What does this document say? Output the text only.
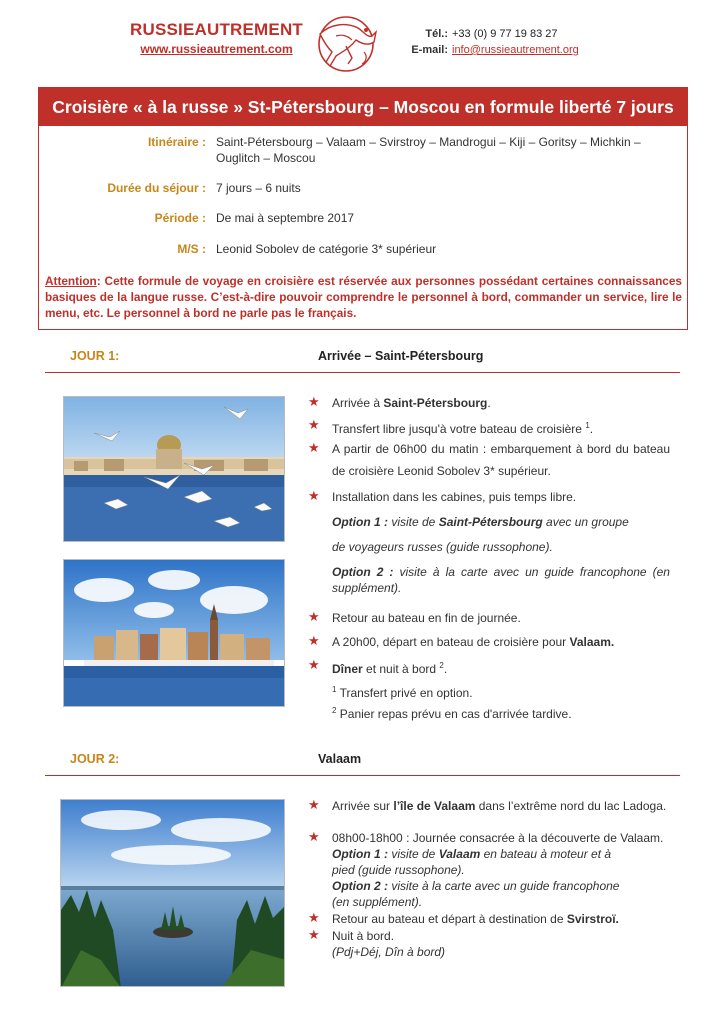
RUSSIEAUTREMENT
www.russieautrement.com
Tél.: +33 (0) 9 77 19 83 27
E-mail: info@russieautrement.org
Croisière « à la russe » St-Pétersbourg – Moscou en formule liberté 7 jours
Itinéraire : Saint-Pétersbourg – Valaam – Svirstroy – Mandrogui – Kiji – Goritsy – Michkin –
Ouglitch – Moscou
Durée du séjour : 7 jours – 6 nuits
Période : De mai à septembre 2017
M/S : Leonid Sobolev de catégorie 3* supérieur
Attention: Cette formule de voyage en croisière est réservée aux personnes possédant certaines connaissances basiques de la langue russe. C’est-à-dire pouvoir comprendre le personnel à bord, commander un service, lire le menu, etc. Le personnel à bord ne parle pas le français.
JOUR 1:	Arrivée – Saint-Pétersbourg
★ Arrivée à Saint-Pétersbourg.
★ Transfert libre jusqu'à votre bateau de croisière $^1$.
★ A partir de 06h00 du matin : embarquement à bord du bateau de croisière Leonid Sobolev 3* supérieur.
★ Installation dans les cabines, puis temps libre.
Option 1 : visite de Saint-Pétersbourg avec un groupe
de voyageurs russes (guide russophone).
Option 2 : visite à la carte avec un guide francophone (en supplément).
★ Retour au bateau en fin de journée.
★ A 20h00, départ en bateau de croisière pour Valaam.
★ Dîner et nuit à bord $^2$.
$^1$ Transfert privé en option.
$^2$ Panier repas prévu en cas d'arrivée tardive.
JOUR 2:	Valaam
★ Arrivée sur l’île de Valaam dans l’extrême nord du lac Ladoga.
★ 08h00-18h00 : Journée consacrée à la découverte de Valaam.
Option 1 : visite de Valaam en bateau à moteur et à
pied (guide russophone).
Option 2 : visite à la carte avec un guide francophone
(en supplément).
★ Retour au bateau et départ à destination de Svirstroï.
★ Nuit à bord.
(Pdj+Déj, Dîn à bord)
